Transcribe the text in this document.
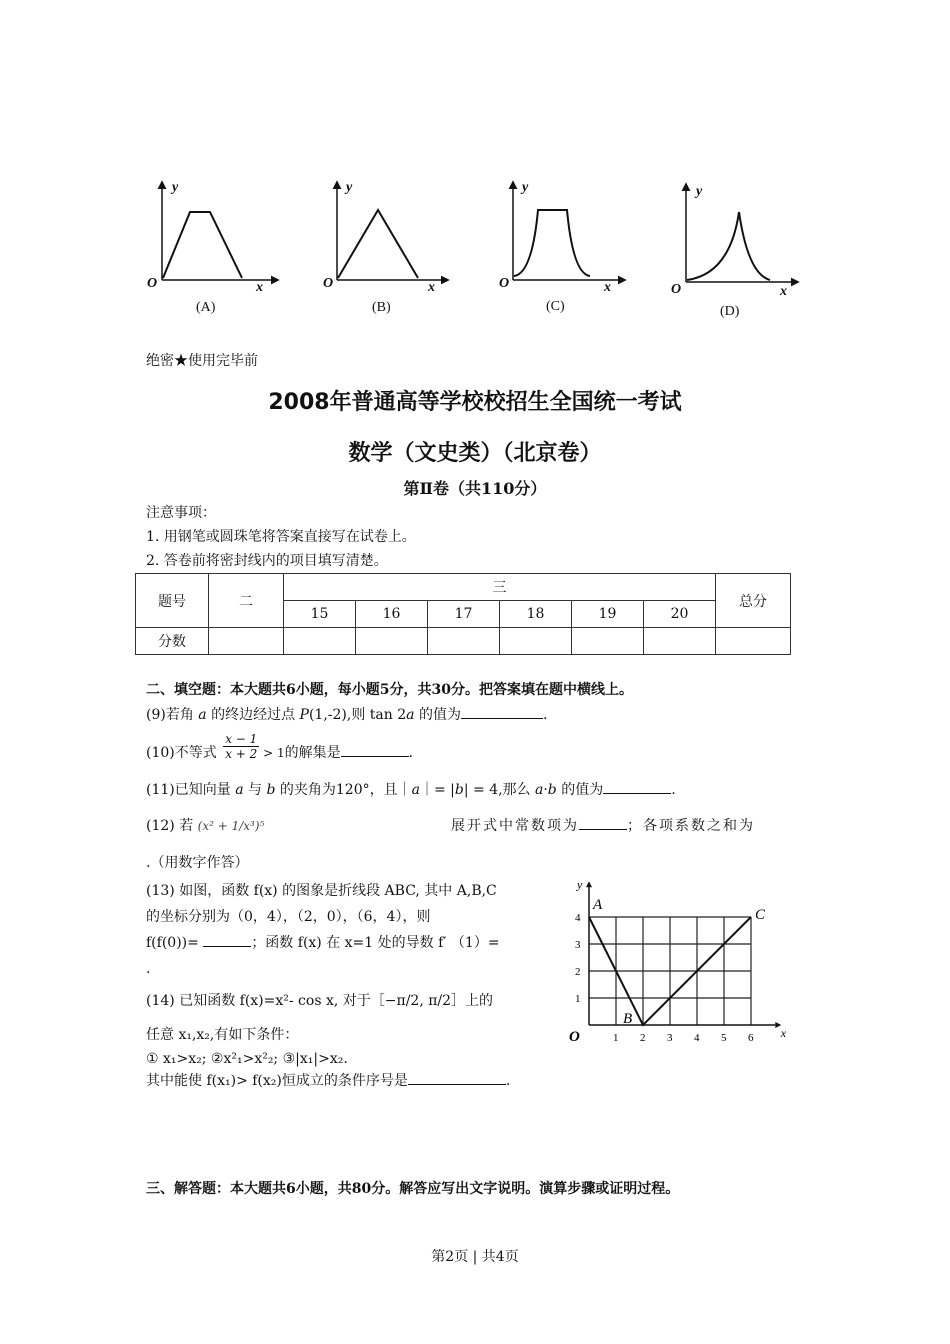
y
O	x
(A)
y
O	x
(B)
y
O	x
(C)
y
O	x
(D)
绝密★使用完毕前
2008年普通高等学校校招生全国统一考试
数学（文史类）（北京卷）
第Ⅱ卷（共110分）
注意事项：
1. 用钢笔或圆珠笔将答案直接写在试卷上。
2. 答卷前将密封线内的项目填写清楚。
题号	二	三						总分
		15	16	17	18	19	20	
分数								
二、填空题：本大题共6小题，每小题5分，共30分。把答案填在题中横线上。
(9)若角 a 的终边经过点 P(1,-2),则 tan 2a 的值为	.
(10)不等式 $\frac{x - 1}{x + 2} > 1$的解集是	.
(11)已知向量 a 与 b 的夹角为120°，且｜a｜= |b| = 4,那么 a·b 的值为	.
(12) 若 (x² + 1/x³)⁵	展开式中常数项为	；各项系数之和为
.（用数字作答）
(13) 如图，函数 f(x) 的图象是折线段 ABC, 其中 A,B,C
的坐标分别为（0，4），（2，0），（6，4），则
f(f(0))=	；函数 f(x) 在 x=1 处的导数 f′ （1）=
.
(14) 已知函数 f(x)=x²- cos x, 对于［−π/2, π/2］上的
任意 x₁,x₂,有如下条件：
① x₁>x₂; ②x²₁>x²₂; ③|x₁|>x₂.
其中能使 f(x₁)> f(x₂)恒成立的条件序号是	.
x
y
O	1 2 3 4 5 6
1
2
3
4
A
B
C
三、解答题：本大题共6小题，共80分。解答应写出文字说明。演算步骤或证明过程。
第2页 | 共4页
